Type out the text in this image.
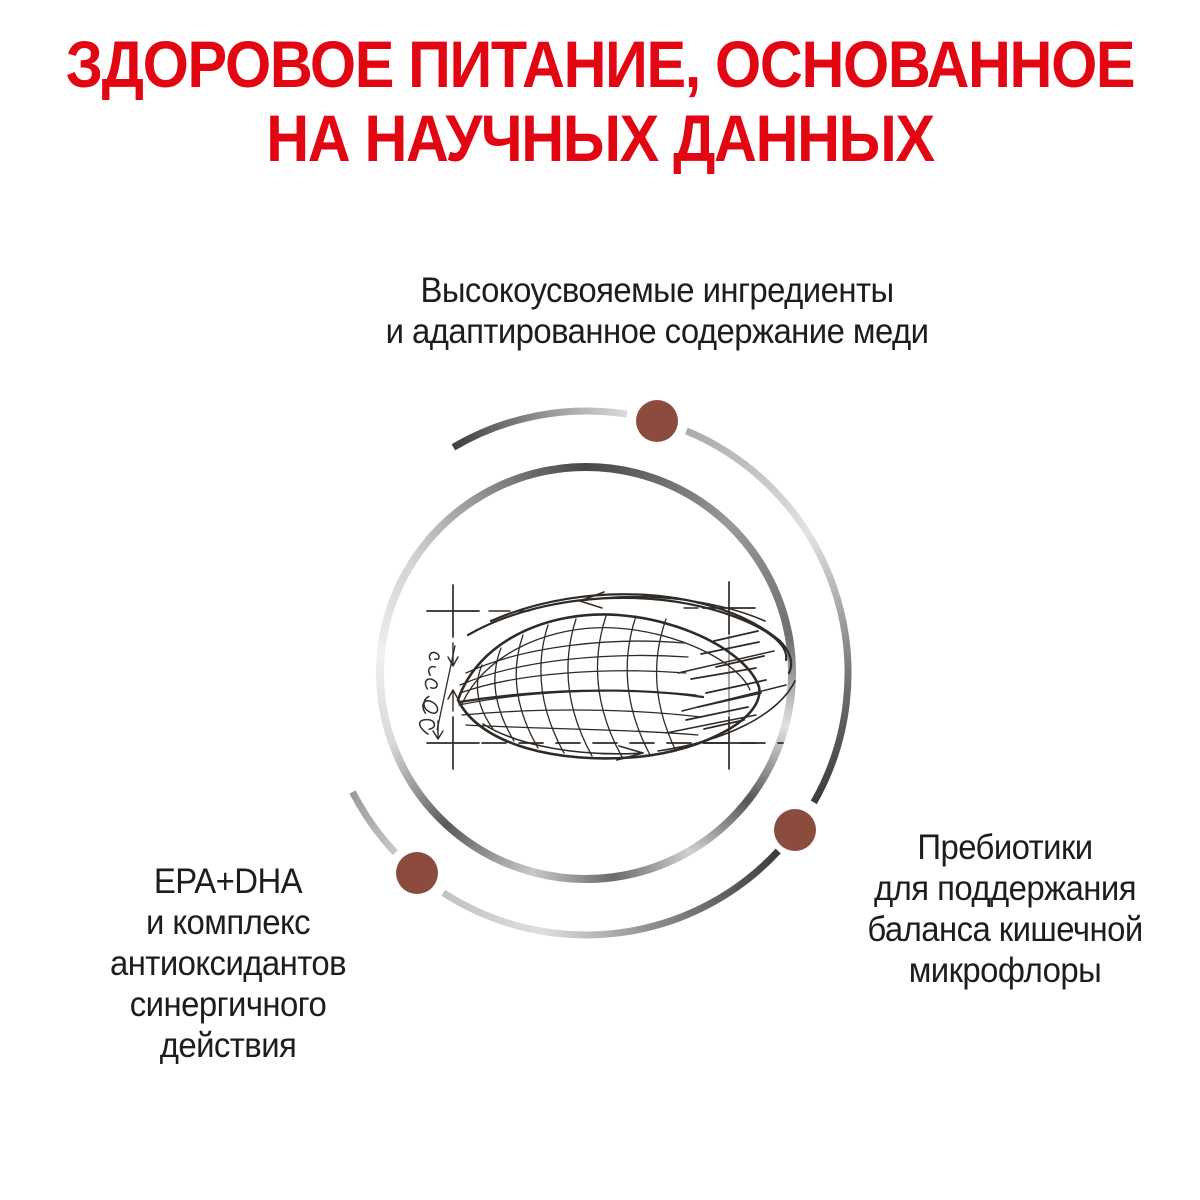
ЗДОРОВОЕ ПИТАНИЕ, ОСНОВАННОЕ
НА НАУЧНЫХ ДАННЫХ
Высокоусвояемые ингредиенты
и адаптированное содержание меди
EPA+DHA
и комплекс
антиоксидантов
синергичного
действия
Пребиотики
для поддержания
баланса кишечной
микрофлоры
